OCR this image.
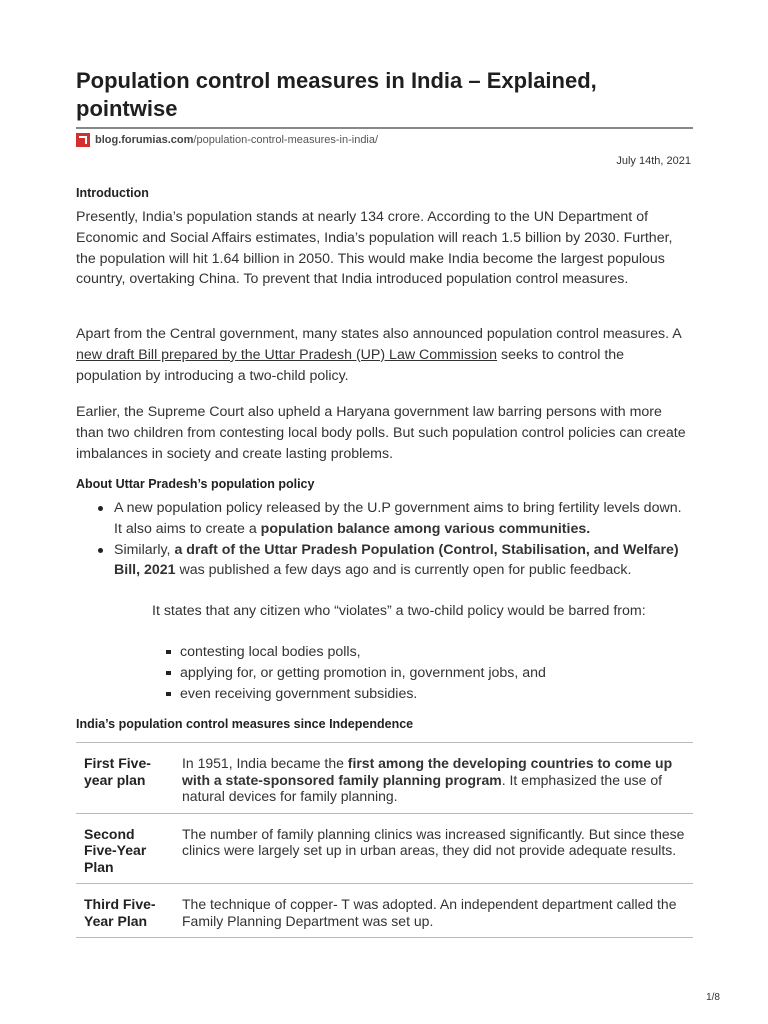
Population control measures in India – Explained, pointwise
blog.forumias.com /population-control-measures-in-india/
July 14th, 2021
Introduction

Presently, India’s population stands at nearly 134 crore. According to the UN Department of Economic and Social Affairs estimates, India’s population will reach 1.5 billion by 2030. Further, the population will hit 1.64 billion in 2050. This would make India become the largest populous country, overtaking China. To prevent that India introduced population control measures.

Apart from the Central government, many states also announced population control measures. A new draft Bill prepared by the Uttar Pradesh (UP) Law Commission seeks to control the population by introducing a two-child policy.

Earlier, the Supreme Court also upheld a Haryana government law barring persons with more than two children from contesting local body polls. But such population control policies can create imbalances in society and create lasting problems.

About Uttar Pradesh’s population policy
A new population policy released by the U.P government aims to bring fertility levels down. It also aims to create a population balance among various communities.
Similarly, a draft of the Uttar Pradesh Population (Control, Stabilisation, and Welfare) Bill, 2021 was published a few days ago and is currently open for public feedback.
It states that any citizen who “violates” a two-child policy would be barred from:
contesting local bodies polls,
applying for, or getting promotion in, government jobs, and
even receiving government subsidies.
India’s population control measures since Independence
First Five-year plan	In 1951, India became the first among the developing countries to come up with a state-sponsored family planning program. It emphasized the use of natural devices for family planning.
Second Five-Year Plan	The number of family planning clinics was increased significantly. But since these clinics were largely set up in urban areas, they did not provide adequate results.
Third Five-Year Plan	The technique of copper- T was adopted. An independent department called the Family Planning Department was set up.
1/8
